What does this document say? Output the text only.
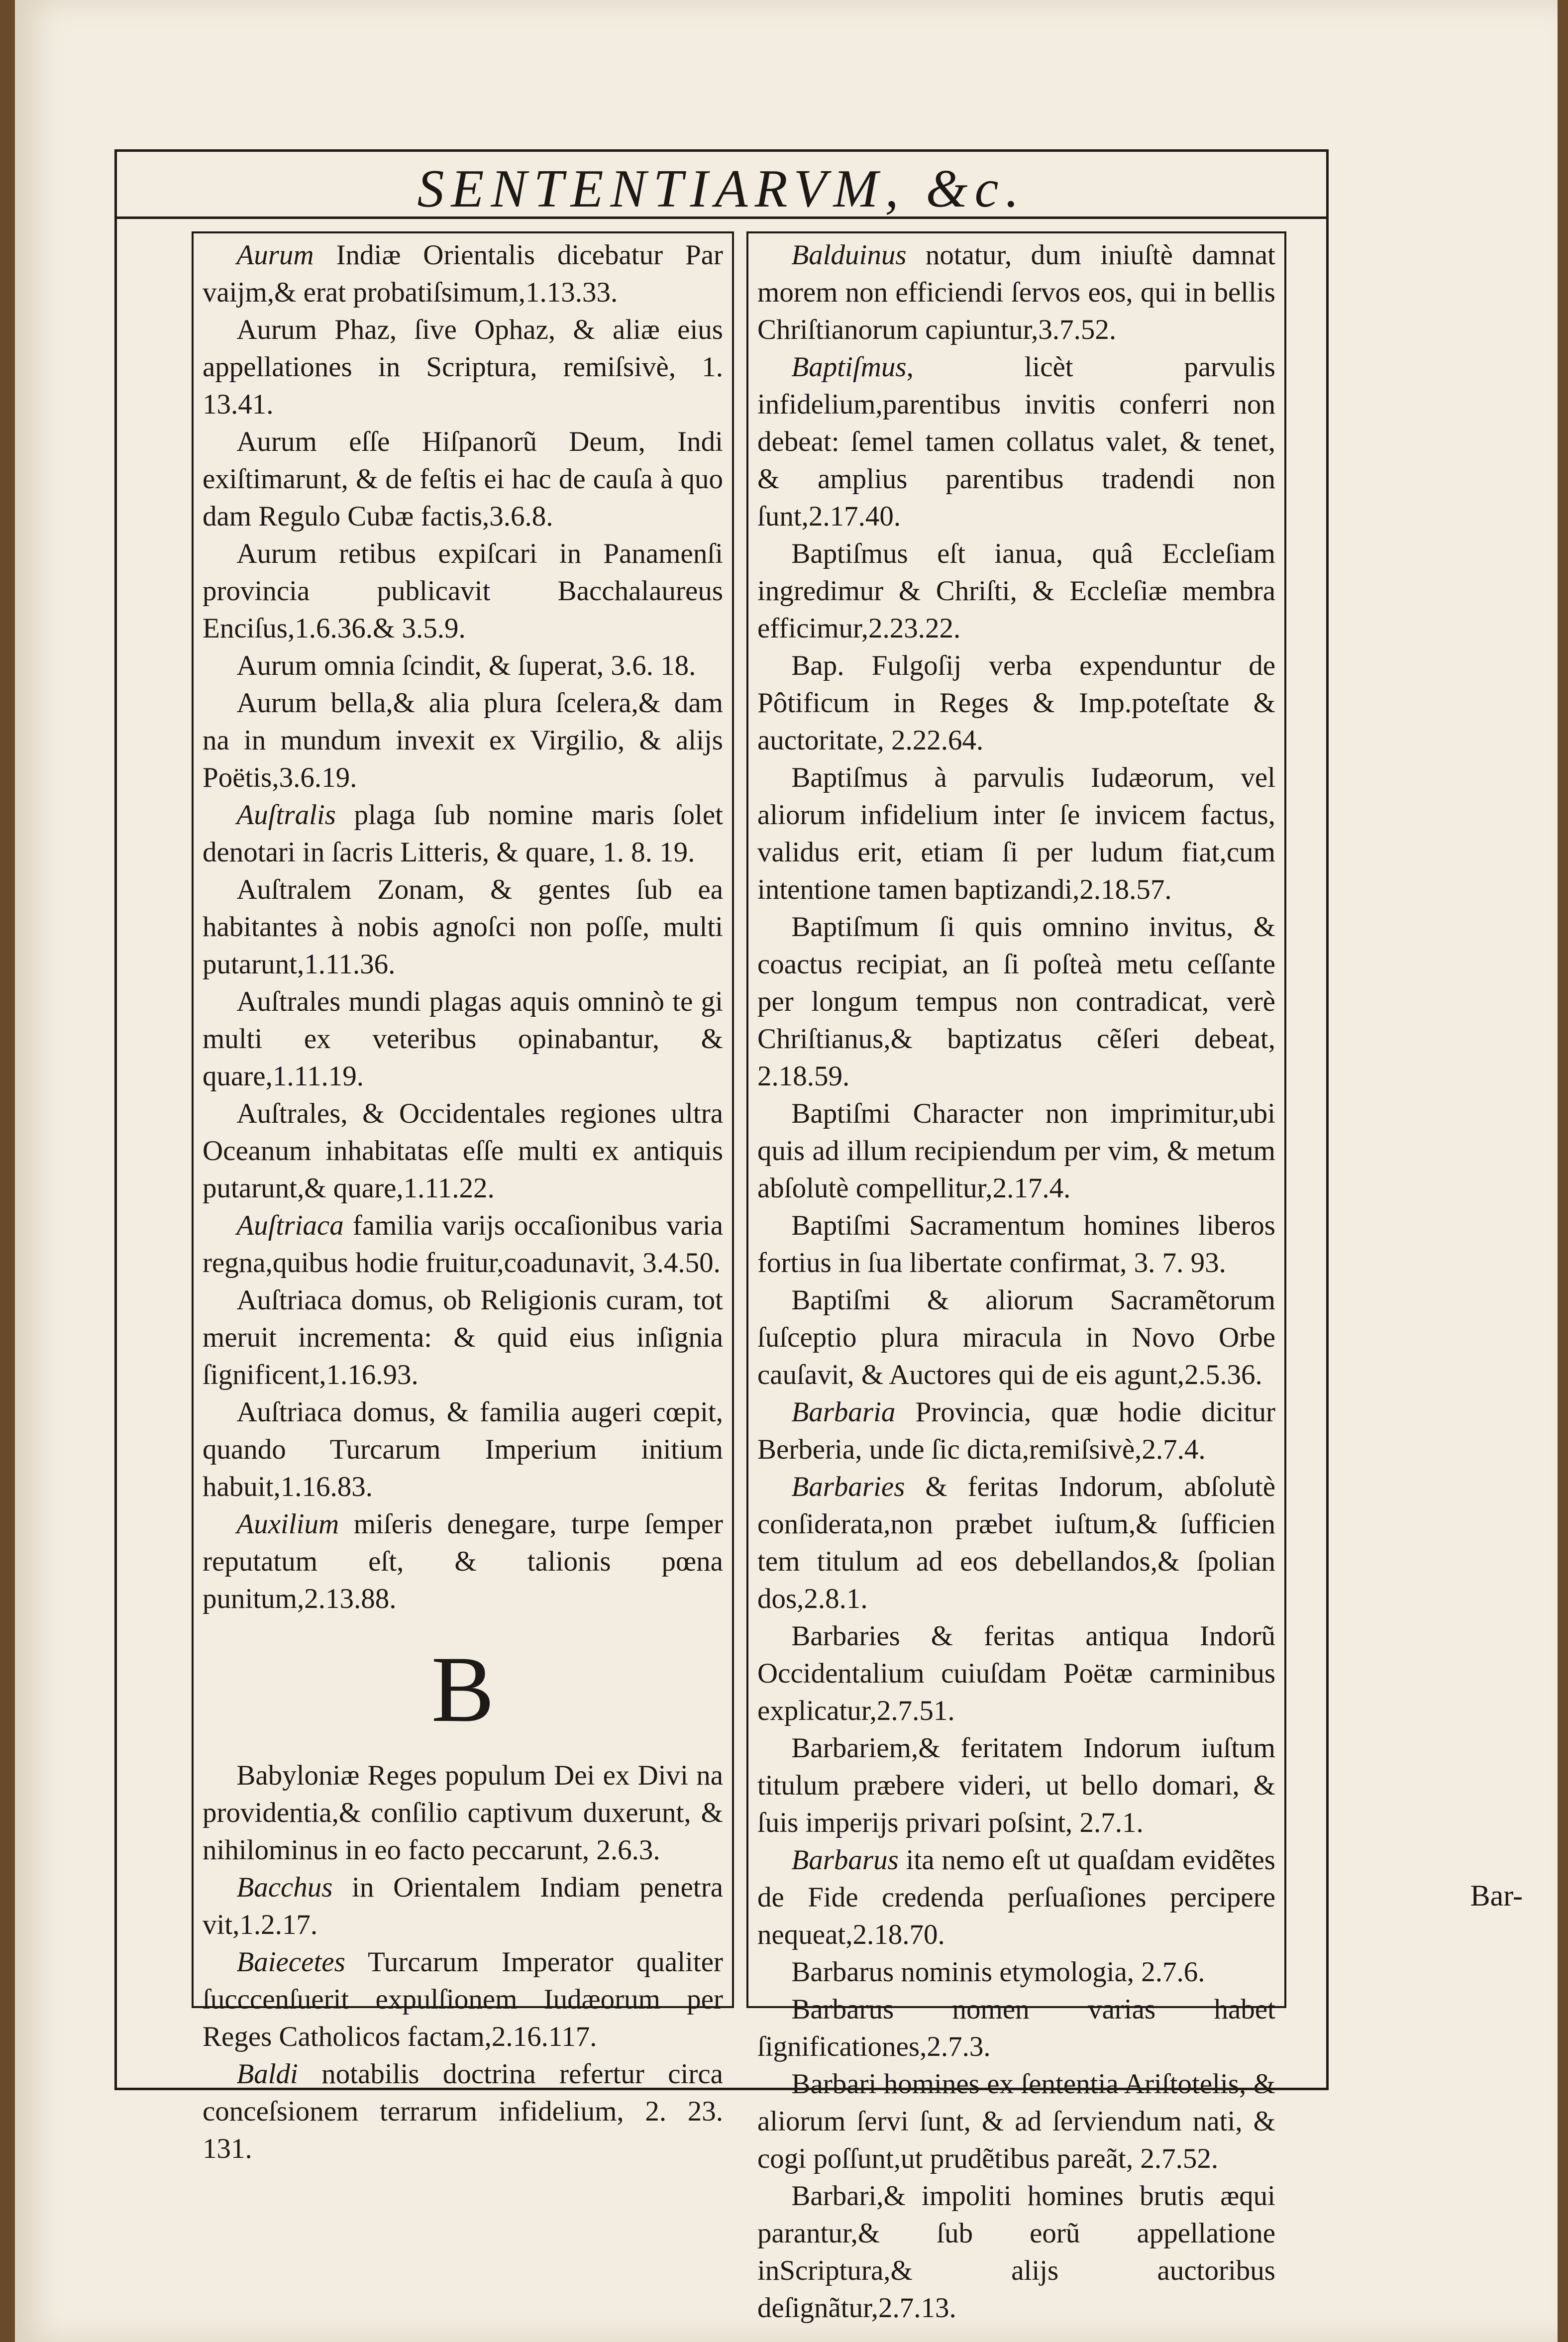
SENTENTIARVM, &c.

Aurum Indiæ Orientalis dicebatur Par vaijm,& erat probatiſsimum,1.13.33.

Aurum Phaz, ſive Ophaz, & aliæ eius appellationes in Scriptura, remiſsivè, 1. 13.41.

Aurum eſſe Hiſpanorũ Deum, Indi exiſtimarunt, & de feſtis ei hac de cauſa à quo dam Regulo Cubæ factis,3.6.8.

Aurum retibus expiſcari in Panamenſi provincia publicavit Bacchalaureus Enciſus,1.6.36.& 3.5.9.

Aurum omnia ſcindit, & ſuperat, 3.6. 18.

Aurum bella,& alia plura ſcelera,& dam na in mundum invexit ex Virgilio, & alijs Poëtis,3.6.19.

Auſtralis plaga ſub nomine maris ſolet denotari in ſacris Litteris, & quare, 1. 8. 19.

Auſtralem Zonam, & gentes ſub ea habitantes à nobis agnoſci non poſſe, multi putarunt,1.11.36.

Auſtrales mundi plagas aquis omninò te gi multi ex veteribus opinabantur, & quare,1.11.19.

Auſtrales, & Occidentales regiones ultra Oceanum inhabitatas eſſe multi ex antiquis putarunt,& quare,1.11.22.

Auſtriaca familia varijs occaſionibus varia regna,quibus hodie fruitur,coadunavit, 3.4.50.

Auſtriaca domus, ob Religionis curam, tot meruit incrementa: & quid eius inſignia ſignificent,1.16.93.

Auſtriaca domus, & familia augeri cœpit, quando Turcarum Imperium initium habuit,1.16.83.

Auxilium miſeris denegare, turpe ſemper reputatum eſt, & talionis pœna punitum,2.13.88.

B

Babyloniæ Reges populum Dei ex Divi na providentia,& conſilio captivum duxerunt, & nihilominus in eo facto peccarunt, 2.6.3.

Bacchus in Orientalem Indiam penetra vit,1.2.17.

Baiecetes Turcarum Imperator qualiter ſucccenſuerit expulſionem Iudæorum per Reges Catholicos factam,2.16.117.

Baldi notabilis doctrina refertur circa conceſsionem terrarum infidelium, 2. 23. 131.

Balduinus notatur, dum iniuſtè damnat morem non efficiendi ſervos eos, qui in bellis Chriſtianorum capiuntur,3.7.52.

Baptiſmus, licèt parvulis infidelium,parentibus invitis conferri non debeat: ſemel tamen collatus valet, & tenet, & amplius parentibus tradendi non ſunt,2.17.40.

Baptiſmus eſt ianua, quâ Eccleſiam ingredimur & Chriſti, & Eccleſiæ membra efficimur,2.23.22.

Bap. Fulgoſij verba expenduntur de Pôtificum in Reges & Imp.poteſtate & auctoritate, 2.22.64.

Baptiſmus à parvulis Iudæorum, vel aliorum infidelium inter ſe invicem factus, validus erit, etiam ſi per ludum fiat,cum intentione tamen baptizandi,2.18.57.

Baptiſmum ſi quis omnino invitus, & coactus recipiat, an ſi poſteà metu ceſſante per longum tempus non contradicat, verè Chriſtianus,& baptizatus cẽſeri debeat, 2.18.59.

Baptiſmi Character non imprimitur,ubi quis ad illum recipiendum per vim, & metum abſolutè compellitur,2.17.4.

Baptiſmi Sacramentum homines liberos fortius in ſua libertate confirmat, 3. 7. 93.

Baptiſmi & aliorum Sacramẽtorum ſuſceptio plura miracula in Novo Orbe cauſavit, & Auctores qui de eis agunt,2.5.36.

Barbaria Provincia, quæ hodie dicitur Berberia, unde ſic dicta,remiſsivè,2.7.4.

Barbaries & feritas Indorum, abſolutè conſiderata,non præbet iuſtum,& ſufficien tem titulum ad eos debellandos,& ſpolian dos,2.8.1.

Barbaries & feritas antiqua Indorũ Occidentalium cuiuſdam Poëtæ carminibus explicatur,2.7.51.

Barbariem,& feritatem Indorum iuſtum titulum præbere videri, ut bello domari, & ſuis imperijs privari poſsint, 2.7.1.

Barbarus ita nemo eſt ut quaſdam evidẽtes de Fide credenda perſuaſiones percipere nequeat,2.18.70.

Barbarus nominis etymologia, 2.7.6.

Barbarus nomen varias habet ſignificationes,2.7.3.

Barbari homines ex ſententia Ariſtotelis, & aliorum ſervi ſunt, & ad ſerviendum nati, & cogi poſſunt,ut prudẽtibus pareãt, 2.7.52.

Barbari,& impoliti homines brutis æqui parantur,& ſub eorũ appellatione inScriptura,& alijs auctoribus deſignãtur,2.7.13.

Bar-
